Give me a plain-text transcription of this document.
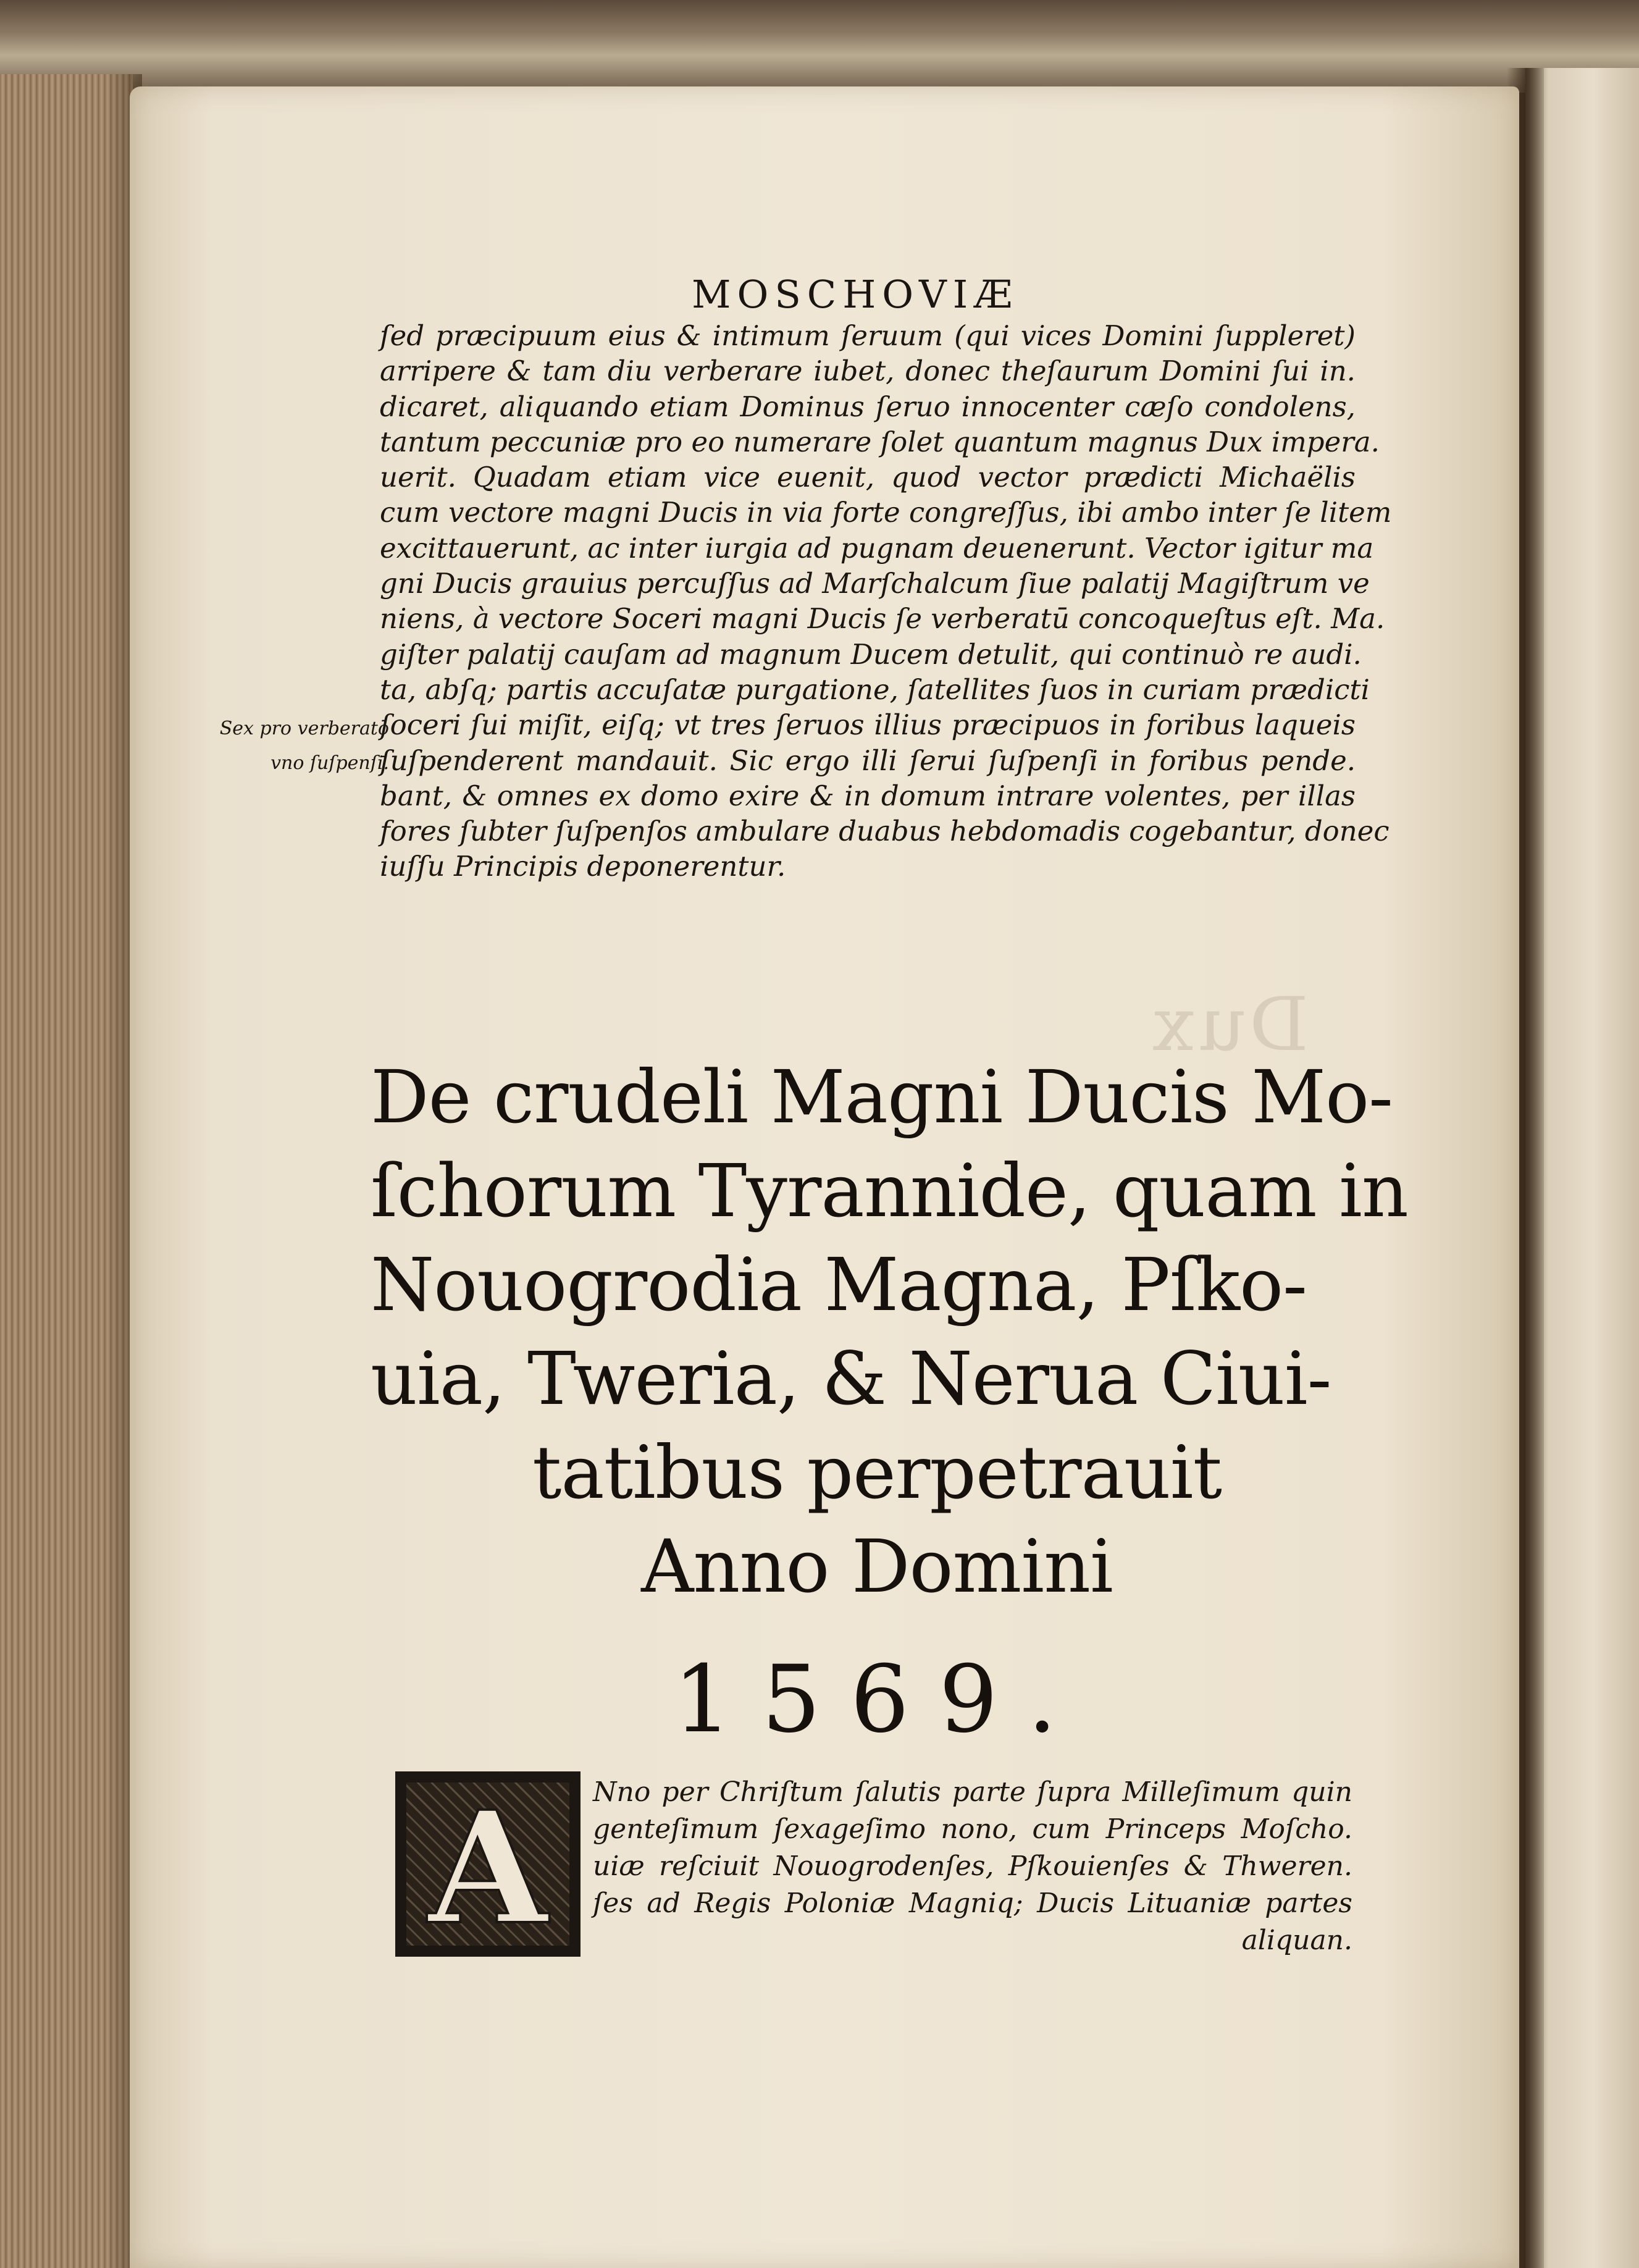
Dux
MOSCHOVIÆ
ſed præcipuum eius & intimum ſeruum (qui vices Domini ſuppleret)
arripere & tam diu verberare iubet, donec theſaurum Domini ſui in.
dicaret, aliquando etiam Dominus ſeruo innocenter cæſo condolens,
tantum peccuniæ pro eo numerare ſolet quantum magnus Dux impera.
uerit. Quadam etiam vice euenit, quod vector prædicti Michaëlis
cum vectore magni Ducis in via forte congreſſus, ibi ambo inter ſe litem
excittauerunt, ac inter iurgia ad pugnam deuenerunt. Vector igitur ma
gni Ducis grauius percuſſus ad Marſchalcum ſiue palatij Magiſtrum ve
niens, à vectore Soceri magni Ducis ſe verberatū concoqueſtus eſt. Ma.
giſter palatij cauſam ad magnum Ducem detulit, qui continuò re audi.
ta, abſq; partis accuſatæ purgatione, ſatellites ſuos in curiam prædicti
ſoceri ſui miſit, eiſq; vt tres ſeruos illius præcipuos in foribus laqueis
ſuſpenderent mandauit. Sic ergo illi ſerui ſuſpenſi in foribus pende.
bant, & omnes ex domo exire & in domum intrare volentes, per illas
fores ſubter ſuſpenſos ambulare duabus hebdomadis cogebantur, donec
iuſſu Principis deponerentur.
Sex pro verberato
vno ſuſpenſi.
De crudeli Magni Ducis Mo-
ſchorum Tyrannide, quam in
Nouogrodia Magna, Pſko-
uia, Tweria, & Nerua Ciui-
tatibus perpetrauit
Anno Domini
1569.
A	Nno per Chriſtum ſalutis parte ſupra Milleſimum quin
genteſimum ſexageſimo nono, cum Princeps Moſcho.
uiæ reſciuit Nouogrodenſes, Pſkouienſes & Thweren.
ſes ad Regis Poloniæ Magniq; Ducis Lituaniæ partes
aliquan.
